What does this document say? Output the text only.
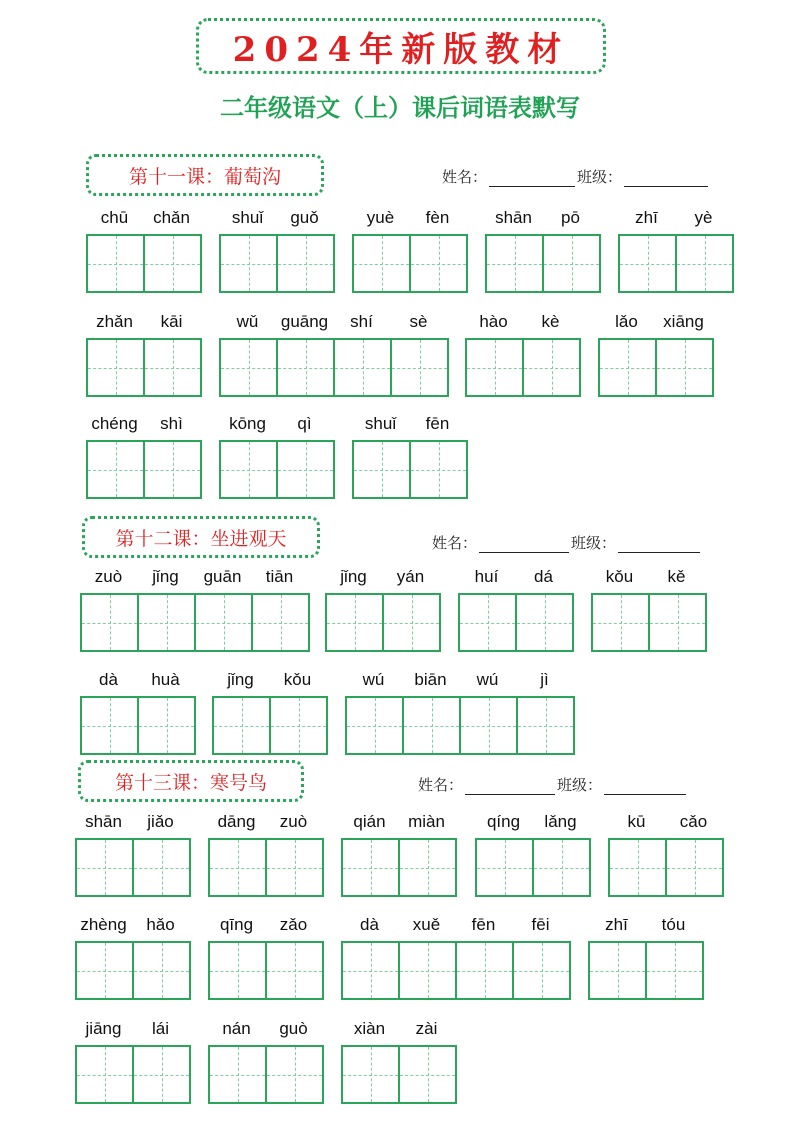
2024年新版教材
二年级语文（上）课后词语表默写
第十一课：葡萄沟	姓名：	班级：
chū	chǎn	shuǐ	guǒ	yuè	fèn	shān	pō	zhī	yè
zhǎn	kāi	wǔ	guāng	shí	sè	hào	kè	lǎo	xiāng
chéng	shì	kōng	qì	shuǐ	fēn
第十二课：坐进观天	姓名：	班级：
zuò	jǐng	guān	tiān	jǐng	yán	huí	dá	kǒu	kě
dà	huà	jǐng	kǒu	wú	biān	wú	jì
第十三课：寒号鸟	姓名：	班级：
shān	jiǎo	dāng	zuò	qián	miàn	qíng	lǎng	kū	cǎo
zhèng	hǎo	qīng	zǎo	dà	xuě	fēn	fēi	zhī	tóu
jiāng	lái	nán	guò	xiàn	zài
